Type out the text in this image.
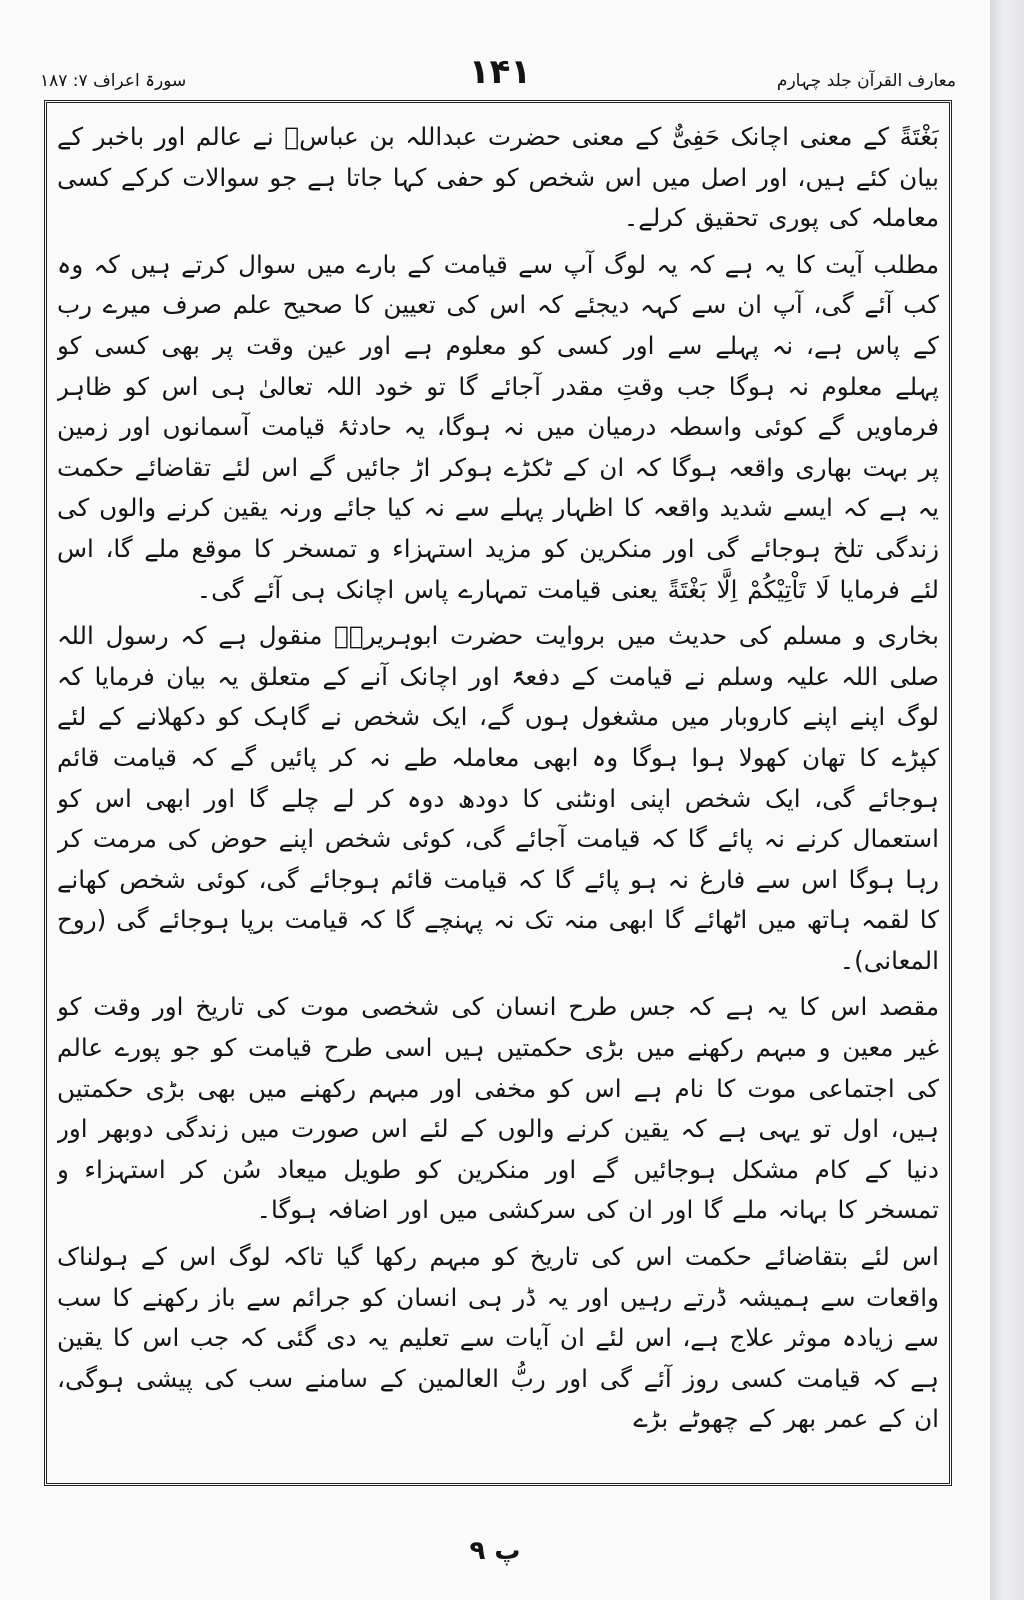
معارف القرآن جلد چہارم
۱۴۱
سورۃ اعراف ۷: ۱۸۷

بَغْتَةً کے معنی اچانک حَفِیٌّ کے معنی حضرت عبداللہ بن عباسؓ نے عالم اور باخبر کے بیان کئے ہیں، اور اصل میں اس شخص کو حفی کہا جاتا ہے جو سوالات کرکے کسی معاملہ کی پوری تحقیق کرلے۔

مطلب آیت کا یہ ہے کہ یہ لوگ آپ سے قیامت کے بارے میں سوال کرتے ہیں کہ وہ کب آئے گی، آپ ان سے کہہ دیجئے کہ اس کی تعیین کا صحیح علم صرف میرے رب کے پاس ہے، نہ پہلے سے اور کسی کو معلوم ہے اور عین وقت پر بھی کسی کو پہلے معلوم نہ ہوگا جب وقتِ مقدر آجائے گا تو خود اللہ تعالیٰ ہی اس کو ظاہر فرماویں گے کوئی واسطہ درمیان میں نہ ہوگا، یہ حادثۂ قیامت آسمانوں اور زمین پر بہت بھاری واقعہ ہوگا کہ ان کے ٹکڑے ہوکر اڑ جائیں گے اس لئے تقاضائے حکمت یہ ہے کہ ایسے شدید واقعہ کا اظہار پہلے سے نہ کیا جائے ورنہ یقین کرنے والوں کی زندگی تلخ ہوجائے گی اور منکرین کو مزید استہزاء و تمسخر کا موقع ملے گا، اس لئے فرمایا لَا تَاْتِیْکُمْ اِلَّا بَغْتَةً یعنی قیامت تمہارے پاس اچانک ہی آئے گی۔

بخاری و مسلم کی حدیث میں بروایت حضرت ابوہریرہؓ منقول ہے کہ رسول اللہ صلی اللہ علیہ وسلم نے قیامت کے دفعۃً اور اچانک آنے کے متعلق یہ بیان فرمایا کہ لوگ اپنے اپنے کاروبار میں مشغول ہوں گے، ایک شخص نے گاہک کو دکھلانے کے لئے کپڑے کا تھان کھولا ہوا ہوگا وہ ابھی معاملہ طے نہ کر پائیں گے کہ قیامت قائم ہوجائے گی، ایک شخص اپنی اونٹنی کا دودھ دوہ کر لے چلے گا اور ابھی اس کو استعمال کرنے نہ پائے گا کہ قیامت آجائے گی، کوئی شخص اپنے حوض کی مرمت کر رہا ہوگا اس سے فارغ نہ ہو پائے گا کہ قیامت قائم ہوجائے گی، کوئی شخص کھانے کا لقمہ ہاتھ میں اٹھائے گا ابھی منہ تک نہ پہنچے گا کہ قیامت برپا ہوجائے گی (روح المعانی)۔

مقصد اس کا یہ ہے کہ جس طرح انسان کی شخصی موت کی تاریخ اور وقت کو غیر معین و مبہم رکھنے میں بڑی حکمتیں ہیں اسی طرح قیامت کو جو پورے عالم کی اجتماعی موت کا نام ہے اس کو مخفی اور مبہم رکھنے میں بھی بڑی حکمتیں ہیں، اول تو یہی ہے کہ یقین کرنے والوں کے لئے اس صورت میں زندگی دوبھر اور دنیا کے کام مشکل ہوجائیں گے اور منکرین کو طویل میعاد سُن کر استہزاء و تمسخر کا بہانہ ملے گا اور ان کی سرکشی میں اور اضافہ ہوگا۔

اس لئے بتقاضائے حکمت اس کی تاریخ کو مبہم رکھا گیا تاکہ لوگ اس کے ہولناک واقعات سے ہمیشہ ڈرتے رہیں اور یہ ڈر ہی انسان کو جرائم سے باز رکھنے کا سب سے زیادہ موثر علاج ہے، اس لئے ان آیات سے تعلیم یہ دی گئی کہ جب اس کا یقین ہے کہ قیامت کسی روز آئے گی اور ربُّ العالمین کے سامنے سب کی پیشی ہوگی، ان کے عمر بھر کے چھوٹے بڑے

پ ۹
